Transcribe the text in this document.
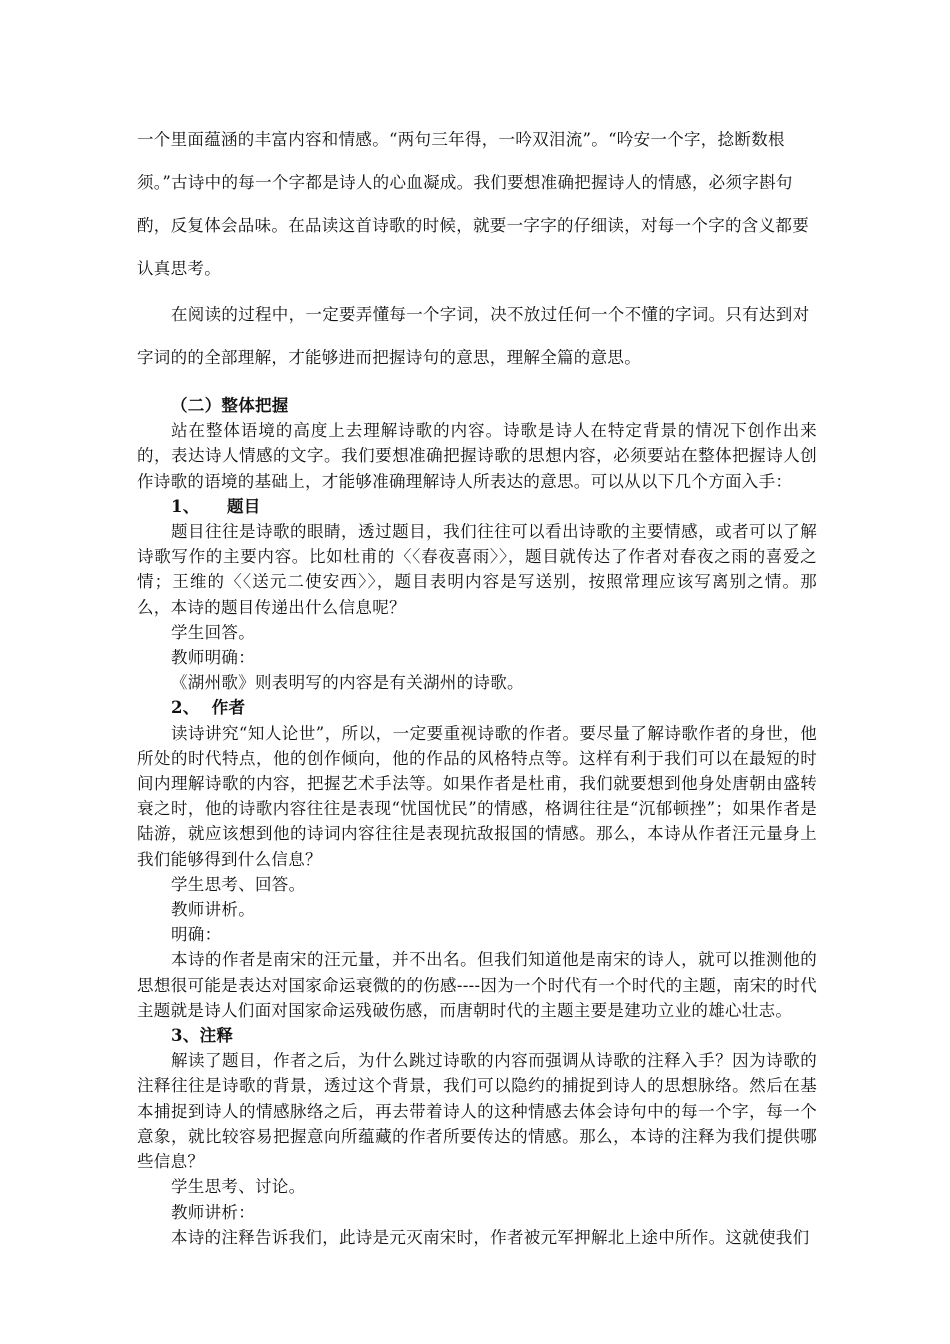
一个里面蕴涵的丰富内容和情感。“两句三年得，一吟双泪流”。“吟安一个字，捻断数根

须。”古诗中的每一个字都是诗人的心血凝成。我们要想准确把握诗人的情感，必须字斟句

酌，反复体会品味。在品读这首诗歌的时候，就要一字字的仔细读，对每一个字的含义都要

认真思考。

在阅读的过程中，一定要弄懂每一个字词，决不放过任何一个不懂的字词。只有达到对

字词的的全部理解，才能够进而把握诗句的意思，理解全篇的意思。

（二）整体把握

站在整体语境的高度上去理解诗歌的内容。诗歌是诗人在特定背景的情况下创作出来的，表达诗人情感的文字。我们要想准确把握诗歌的思想内容，必须要站在整体把握诗人创作诗歌的语境的基础上，才能够准确理解诗人所表达的意思。可以从以下几个方面入手：

1、 题目

题目往往是诗歌的眼睛，透过题目，我们往往可以看出诗歌的主要情感，或者可以了解诗歌写作的主要内容。比如杜甫的〈〈春夜喜雨〉〉，题目就传达了作者对春夜之雨的喜爱之情；王维的〈〈送元二使安西〉〉，题目表明内容是写送别，按照常理应该写离别之情。那么，本诗的题目传递出什么信息呢？

学生回答。

教师明确：

《湖州歌》则表明写的内容是有关湖州的诗歌。

2、 作者

读诗讲究“知人论世”，所以，一定要重视诗歌的作者。要尽量了解诗歌作者的身世，他所处的时代特点，他的创作倾向，他的作品的风格特点等。这样有利于我们可以在最短的时间内理解诗歌的内容，把握艺术手法等。如果作者是杜甫，我们就要想到他身处唐朝由盛转衰之时，他的诗歌内容往往是表现“忧国忧民”的情感，格调往往是“沉郁顿挫”；如果作者是陆游，就应该想到他的诗词内容往往是表现抗敌报国的情感。那么，本诗从作者汪元量身上我们能够得到什么信息？

学生思考、回答。

教师讲析。

明确：

本诗的作者是南宋的汪元量，并不出名。但我们知道他是南宋的诗人，就可以推测他的思想很可能是表达对国家命运衰微的的伤感----因为一个时代有一个时代的主题，南宋的时代主题就是诗人们面对国家命运残破伤感，而唐朝时代的主题主要是建功立业的雄心壮志。

3、注释

解读了题目，作者之后，为什么跳过诗歌的内容而强调从诗歌的注释入手？因为诗歌的注释往往是诗歌的背景，透过这个背景，我们可以隐约的捕捉到诗人的思想脉络。然后在基本捕捉到诗人的情感脉络之后，再去带着诗人的这种情感去体会诗句中的每一个字，每一个意象，就比较容易把握意向所蕴藏的作者所要传达的情感。那么，本诗的注释为我们提供哪些信息？

学生思考、讨论。

教师讲析：

本诗的注释告诉我们，此诗是元灭南宋时，作者被元军押解北上途中所作。这就使我们
